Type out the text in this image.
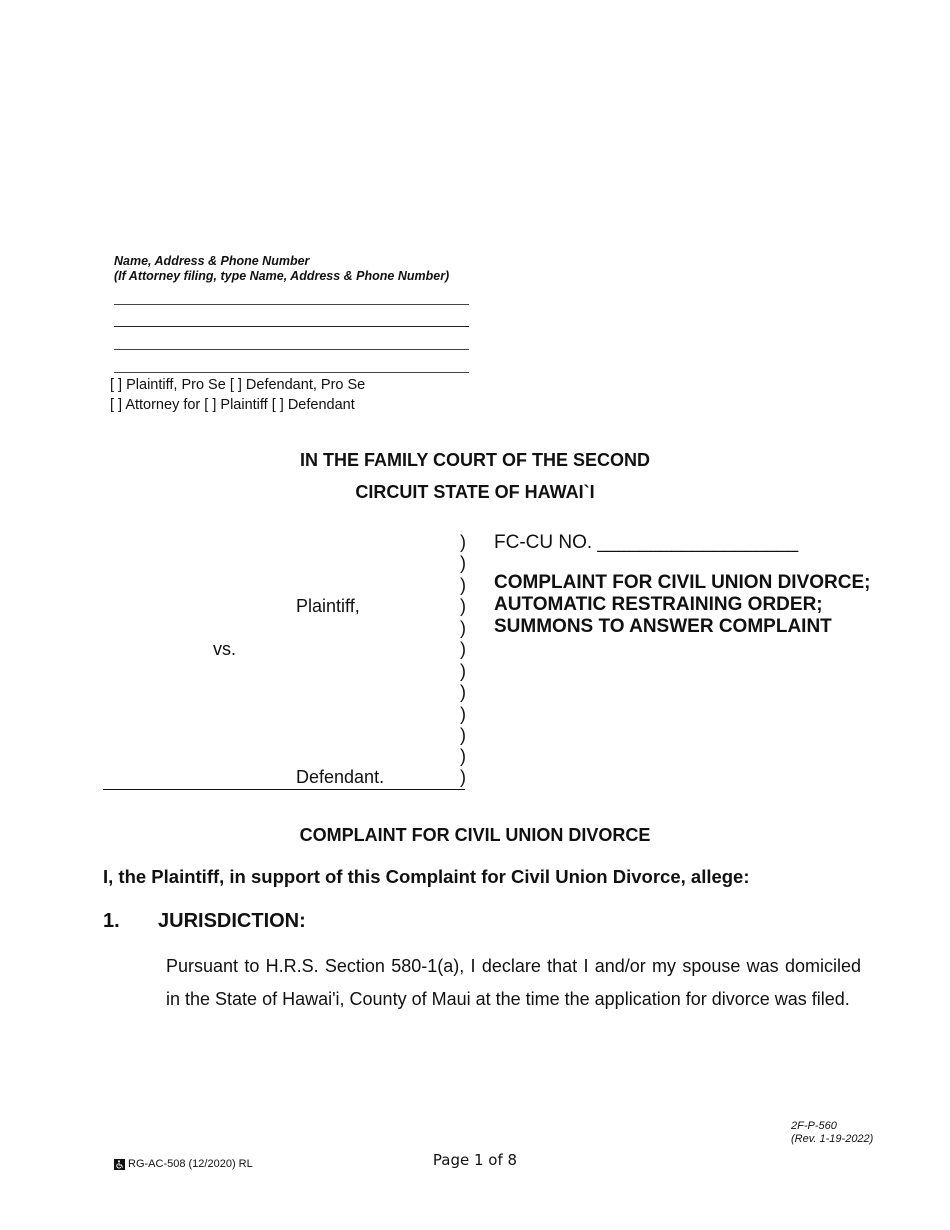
Name, Address & Phone Number
(If Attorney filing, type Name, Address & Phone Number)
[ ] Plaintiff, Pro Se [ ] Defendant, Pro Se
[ ] Attorney for [ ] Plaintiff [ ] Defendant
IN THE FAMILY COURT OF THE SECOND
CIRCUIT STATE OF HAWAI`I
)
)
)
)
)
)
)
)
)
)
)
)
Plaintiff,
vs.
Defendant.
FC-CU NO. ___________________
COMPLAINT FOR CIVIL UNION DIVORCE;
AUTOMATIC RESTRAINING ORDER;
SUMMONS TO ANSWER COMPLAINT
COMPLAINT FOR CIVIL UNION DIVORCE
I, the Plaintiff, in support of this Complaint for Civil Union Divorce, allege:
1. JURISDICTION:
Pursuant to H.R.S. Section 580-1(a), I declare that I and/or my spouse was domiciled in the State of Hawai'i, County of Maui at the time the application for divorce was filed.
2F-P-560
(Rev. 1-19-2022)
RG-AC-508 (12/2020) RL	Page 1 of 8
